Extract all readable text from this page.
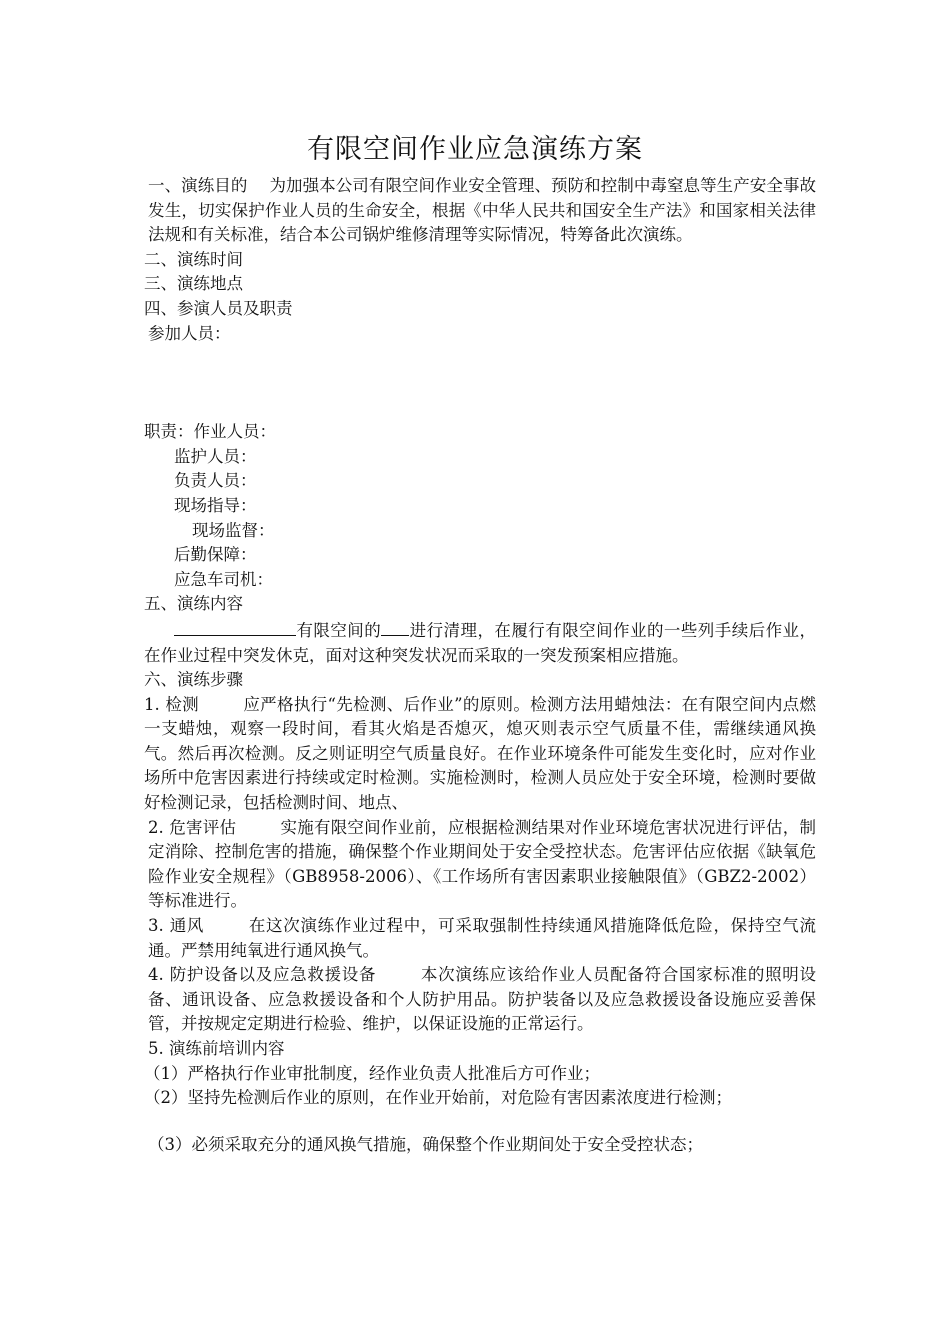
有限空间作业应急演练方案

一、演练目的 为加强本公司有限空间作业安全管理、预防和控制中毒窒息等生产安全事故发生，切实保护作业人员的生命安全，根据《中华人民共和国安全生产法》和国家相关法律法规和有关标准，结合本公司锅炉维修清理等实际情况，特筹备此次演练。

二、演练时间

三、演练地点

四、参演人员及职责

参加人员：

职责：作业人员：

监护人员：

负责人员：

现场指导：

现场监督：

后勤保障：

应急车司机：

五、演练内容

有限空间的 进行清理，在履行有限空间作业的一些列手续后作业，在作业过程中突发休克，面对这种突发状况而采取的一突发预案相应措施。

六、演练步骤

1. 检测	应严格执行“先检测、后作业”的原则。检测方法用蜡烛法：在有限空间内点燃一支蜡烛，观察一段时间，看其火焰是否熄灭，熄灭则表示空气质量不佳，需继续通风换气。然后再次检测。反之则证明空气质量良好。在作业环境条件可能发生变化时，应对作业场所中危害因素进行持续或定时检测。实施检测时，检测人员应处于安全环境，检测时要做好检测记录，包括检测时间、地点、

2. 危害评估	实施有限空间作业前，应根据检测结果对作业环境危害状况进行评估，制定消除、控制危害的措施，确保整个作业期间处于安全受控状态。危害评估应依据《缺氧危险作业安全规程》（GB8958-2006）、《工作场所有害因素职业接触限值》（GBZ2-2002）等标准进行。

3. 通风	在这次演练作业过程中，可采取强制性持续通风措施降低危险，保持空气流通。严禁用纯氧进行通风换气。

4. 防护设备以及应急救援设备	本次演练应该给作业人员配备符合国家标准的照明设备、通讯设备、应急救援设备和个人防护用品。防护装备以及应急救援设备设施应妥善保管，并按规定定期进行检验、维护，以保证设施的正常运行。

5. 演练前培训内容

（1）严格执行作业审批制度，经作业负责人批准后方可作业；

（2）坚持先检测后作业的原则，在作业开始前，对危险有害因素浓度进行检测；

（3）必须采取充分的通风换气措施，确保整个作业期间处于安全受控状态；
